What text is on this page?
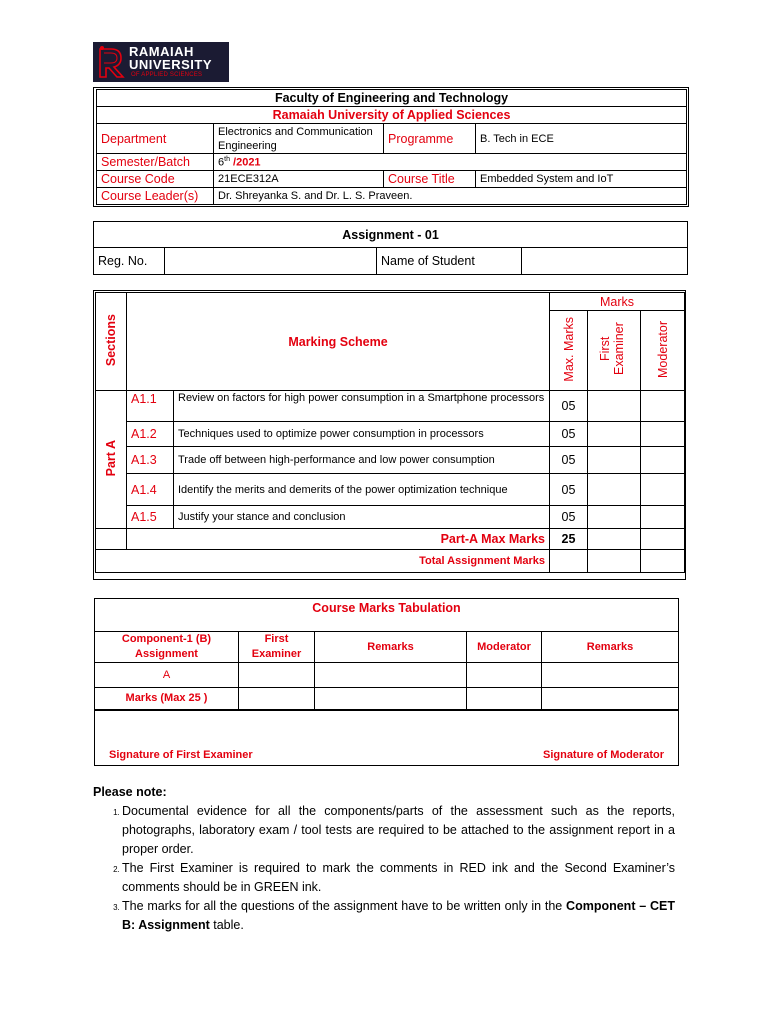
RAMAIAH
UNIVERSITY
OF APPLIED SCIENCES
Faculty of Engineering and Technology			
Ramaiah University of Applied Sciences			
Department	Electronics and Communication Engineering	Programme	B. Tech in ECE
Semester/Batch	6th /2021		
Course Code	21ECE312A	Course Title	Embedded System and IoT
Course Leader(s)	Dr. Shreyanka S. and Dr. L. S. Praveen.		
Assignment - 01
Reg. No.		Name of Student	
Sections	Marking Scheme		Marks		
			Max. Marks	First Examiner	Moderator
Part A	A1.1	Review on factors for high power consumption in a Smartphone processors	05		
	A1.2	Techniques used to optimize power consumption in processors	05		
	A1.3	Trade off between high-performance and low power consumption	05		
	A1.4	Identify the merits and demerits of the power optimization technique	05		
	A1.5	Justify your stance and conclusion	05		
	Part-A Max Marks		25		
Total Assignment Marks					
Course Marks Tabulation				
Component-1 (B) Assignment	First Examiner	Remarks	Moderator	Remarks
A				
Marks (Max 25 )				

Signature of First Examiner Signature of Moderator				
Please note:
1. Documental evidence for all the components/parts of the assessment such as the reports, photographs, laboratory exam / tool tests are required to be attached to the assignment report in a proper order.
2. The First Examiner is required to mark the comments in RED ink and the Second Examiner’s comments should be in GREEN ink.
3. The marks for all the questions of the assignment have to be written only in the Component – CET B: Assignment table.
